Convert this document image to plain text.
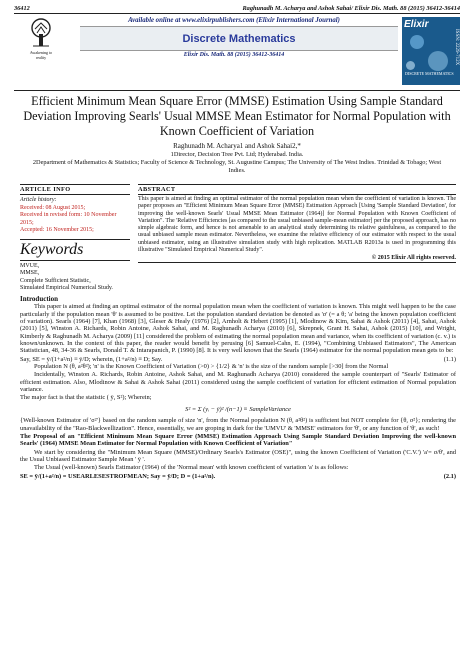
36412	Raghunadh M. Acharya and Ashok Sahai/ Elixir Dis. Math. 88 (2015) 36412-36414
Awakening to
reality
Available online at www.elixirpublishers.com (Elixir International Journal)
Discrete Mathematics
Elixir Dis. Math. 88 (2015) 36412-36414
Elixir
ISSN: 2229-712X
DISCRETE MATHEMATICS
Efficient Minimum Mean Square Error (MMSE) Estimation Using Sample Standard Deviation Improving Searls' Usual MMSE Mean Estimator for Normal Population with Known Coefficient of Variation
Raghunadh M. Acharya1 and Ashok Sahai2,*
1Director, Decision Tree Pvt. Ltd; Hyderabad. India.
2Department of Mathematics & Statistics; Faculty of Science & Technology, St. Augustine Campus; The University of The West Indies. Trinidad & Tobago; West Indies.
ARTICLE INFO
Article history:
Received: 08 August 2015;
Received in revised form: 10 November 2015;
Accepted: 16 November 2015;
Keywords
MVUE,
MMSE,
Complete Sufficient Statistic,
Simulated Empirical Numerical Study.
ABSTRACT
This paper is aimed at finding an optimal estimator of the normal population mean when the coefficient of variation is known. The paper proposes an "Efficient Minimum Mean Square Error (MMSE) Estimation Approach [Using 'Sample Standard Deviation', for improving the well-known Searls' Usual MMSE Mean Estimator (1964)] for Normal Population with Known Coefficient of Variation". The 'Relative Efficiencies [as compared to the usual unbiased sample-mean estimator] per the proposed approach, has no simple algebraic form, and hence is not amenable to an analytical study determining its relative gainfulness, as compared to the usual unbiased sample mean estimator. Nevertheless, we examine the relative efficiency of our estimator with respect to the usual unbiased estimator, using an illustrative simulation study with high replication. MATLAB R2013a is used in programming this illustrative "Simulated Empirical Numerical Study".
© 2015 Elixir All rights reserved.
Introduction

This paper is aimed at finding an optimal estimator of the normal population mean when the coefficient of variation is known. This might well happen to be the case particularly if the population mean 'θ' is assumed to be positive. Let the population standard deviation be denoted as 'σ' (= a θ; 'a' being the known population coefficient of variation). Searls (1964) [7], Khan (1968) [3], Gleser & Healy (1976) [2], Arnholt & Hebert (1995) [1], Mlodinow & Kim, Sahai & Ashok (2011) [4], Sahai, Ashok (2011) [5], Winston A. Richards, Robin Antoine, Ashok Sahai, and M. Raghunadh Acharya (2010) [6], Skrepnek, Grant H. Sahai, Ashok (2015) [10], and Wright, Kimberly & Raghunadh M. Acharya (2009) [11] considered the problem of estimating the normal population mean and variance, when its coefficient of variation (c. v.) is known/unknown. In the context of this paper, the reader would benefit by perusing [6] Samuel-Cahn, E. (1994), "Combining Unbiased Estimators", The American Statistician, 48, 34-36 & Searls, Donald T. & Intarapanich, P. (1990) [8]. It is very well known that the Searls (1964) estimator for the normal population mean gets to be:

Say, SE = ȳ/(1+a²/n) ≡ ȳ/D; wherein, (1+a²/n) ≡ D; Say.	(1.1)

Population N (θ, a²θ²); 'n' is the Known Coefficient of Variation (>0) > {1/2} & 'n' is the size of the random sample [>30] from the Normal

Incidentally, Winston A. Richards, Robin Antoine, Ashok Sahai, and M. Raghunadh Acharya (2010) considered the sample counterpart of "Searls' Estimator of efficient estimation. Also, Mlodinow & Sahai & Ashok Sahai (2011) considered using the sample coefficient of variation for efficient estimation of Normal population variance.

The major fact is that the statistic ( ȳ, S²); Wherein;

S² = Σ (yᵢ − ȳ)² /(n−1) ≡ SampleVariance

{Well-known Estimator of 'σ²'} based on the random sample of size 'n', from the Normal population N (θ, a²θ²) is sufficient but NOT complete for {θ, σ²}; rendering the unavailability of the "Rao-Blackwellization". Hence, essentially, we are groping in dark for the 'UMVU' & 'MMSE' estimators for 'θ', or any function of 'θ', as such!

The Proposal of an "Efficient Minimum Mean Square Error (MMSE) Estimation Approach Using Sample Standard Deviation Improving the well-known Searls' (1964) MMSE Mean Estimator for Normal Population with Known Coefficient of Variation"

We start by considering the "Minimum Mean Square (MMSE)/Ordinary Searls's Estimator (OSE)", using the known Coefficient of Variation ('C.V.') 'a'= σ/θ', and the Usual Unbiased Estimator Sample Mean ' ȳ '.

The Usual (well-known) Searls Estimator (1964) of the 'Normal mean' with known coefficient of variation 'a' is as follows:

SE = ȳ/(1+a²/n) = USEARLESESTROFMEAN; Say = ȳ/D; D = (1+a²/n).	(2.1)
